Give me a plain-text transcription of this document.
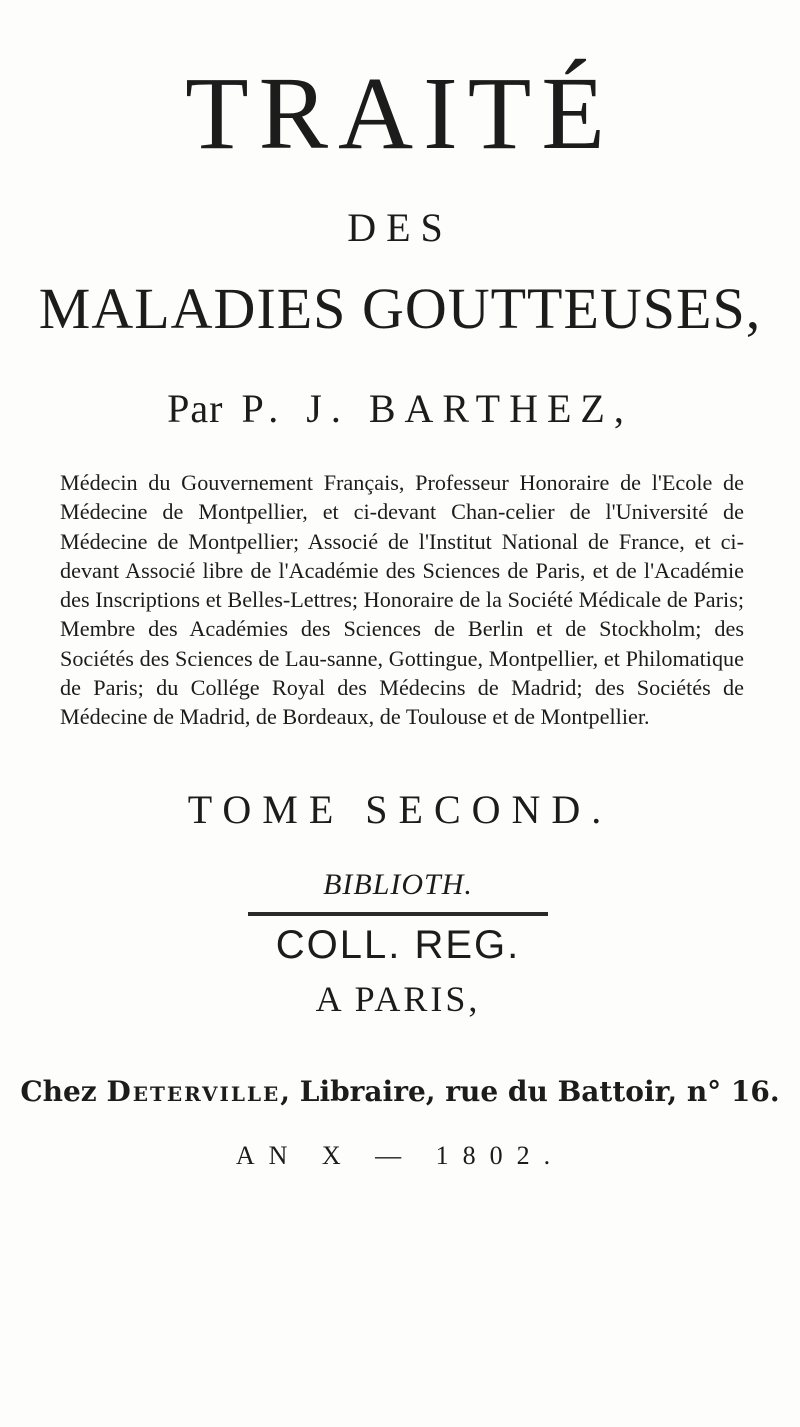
TRAITÉ
DES
MALADIES GOUTTEUSES,
Par P. J. BARTHEZ,
Médecin du Gouvernement Français, Professeur Honoraire de l'Ecole de Médecine de Montpellier, et ci-devant Chan-celier de l'Université de Médecine de Montpellier; Associé de l'Institut National de France, et ci-devant Associé libre de l'Académie des Sciences de Paris, et de l'Académie des Inscriptions et Belles-Lettres; Honoraire de la Société Médicale de Paris; Membre des Académies des Sciences de Berlin et de Stockholm; des Sociétés des Sciences de Lau-sanne, Gottingue, Montpellier, et Philomatique de Paris; du Collége Royal des Médecins de Madrid; des Sociétés de Médecine de Madrid, de Bordeaux, de Toulouse et de Montpellier.
TOME SECOND.
BIBLIOTH.
COLL. REG.
A PARIS,
Chez Deterville, Libraire, rue du Battoir, n° 16.
AN X — 1802.
